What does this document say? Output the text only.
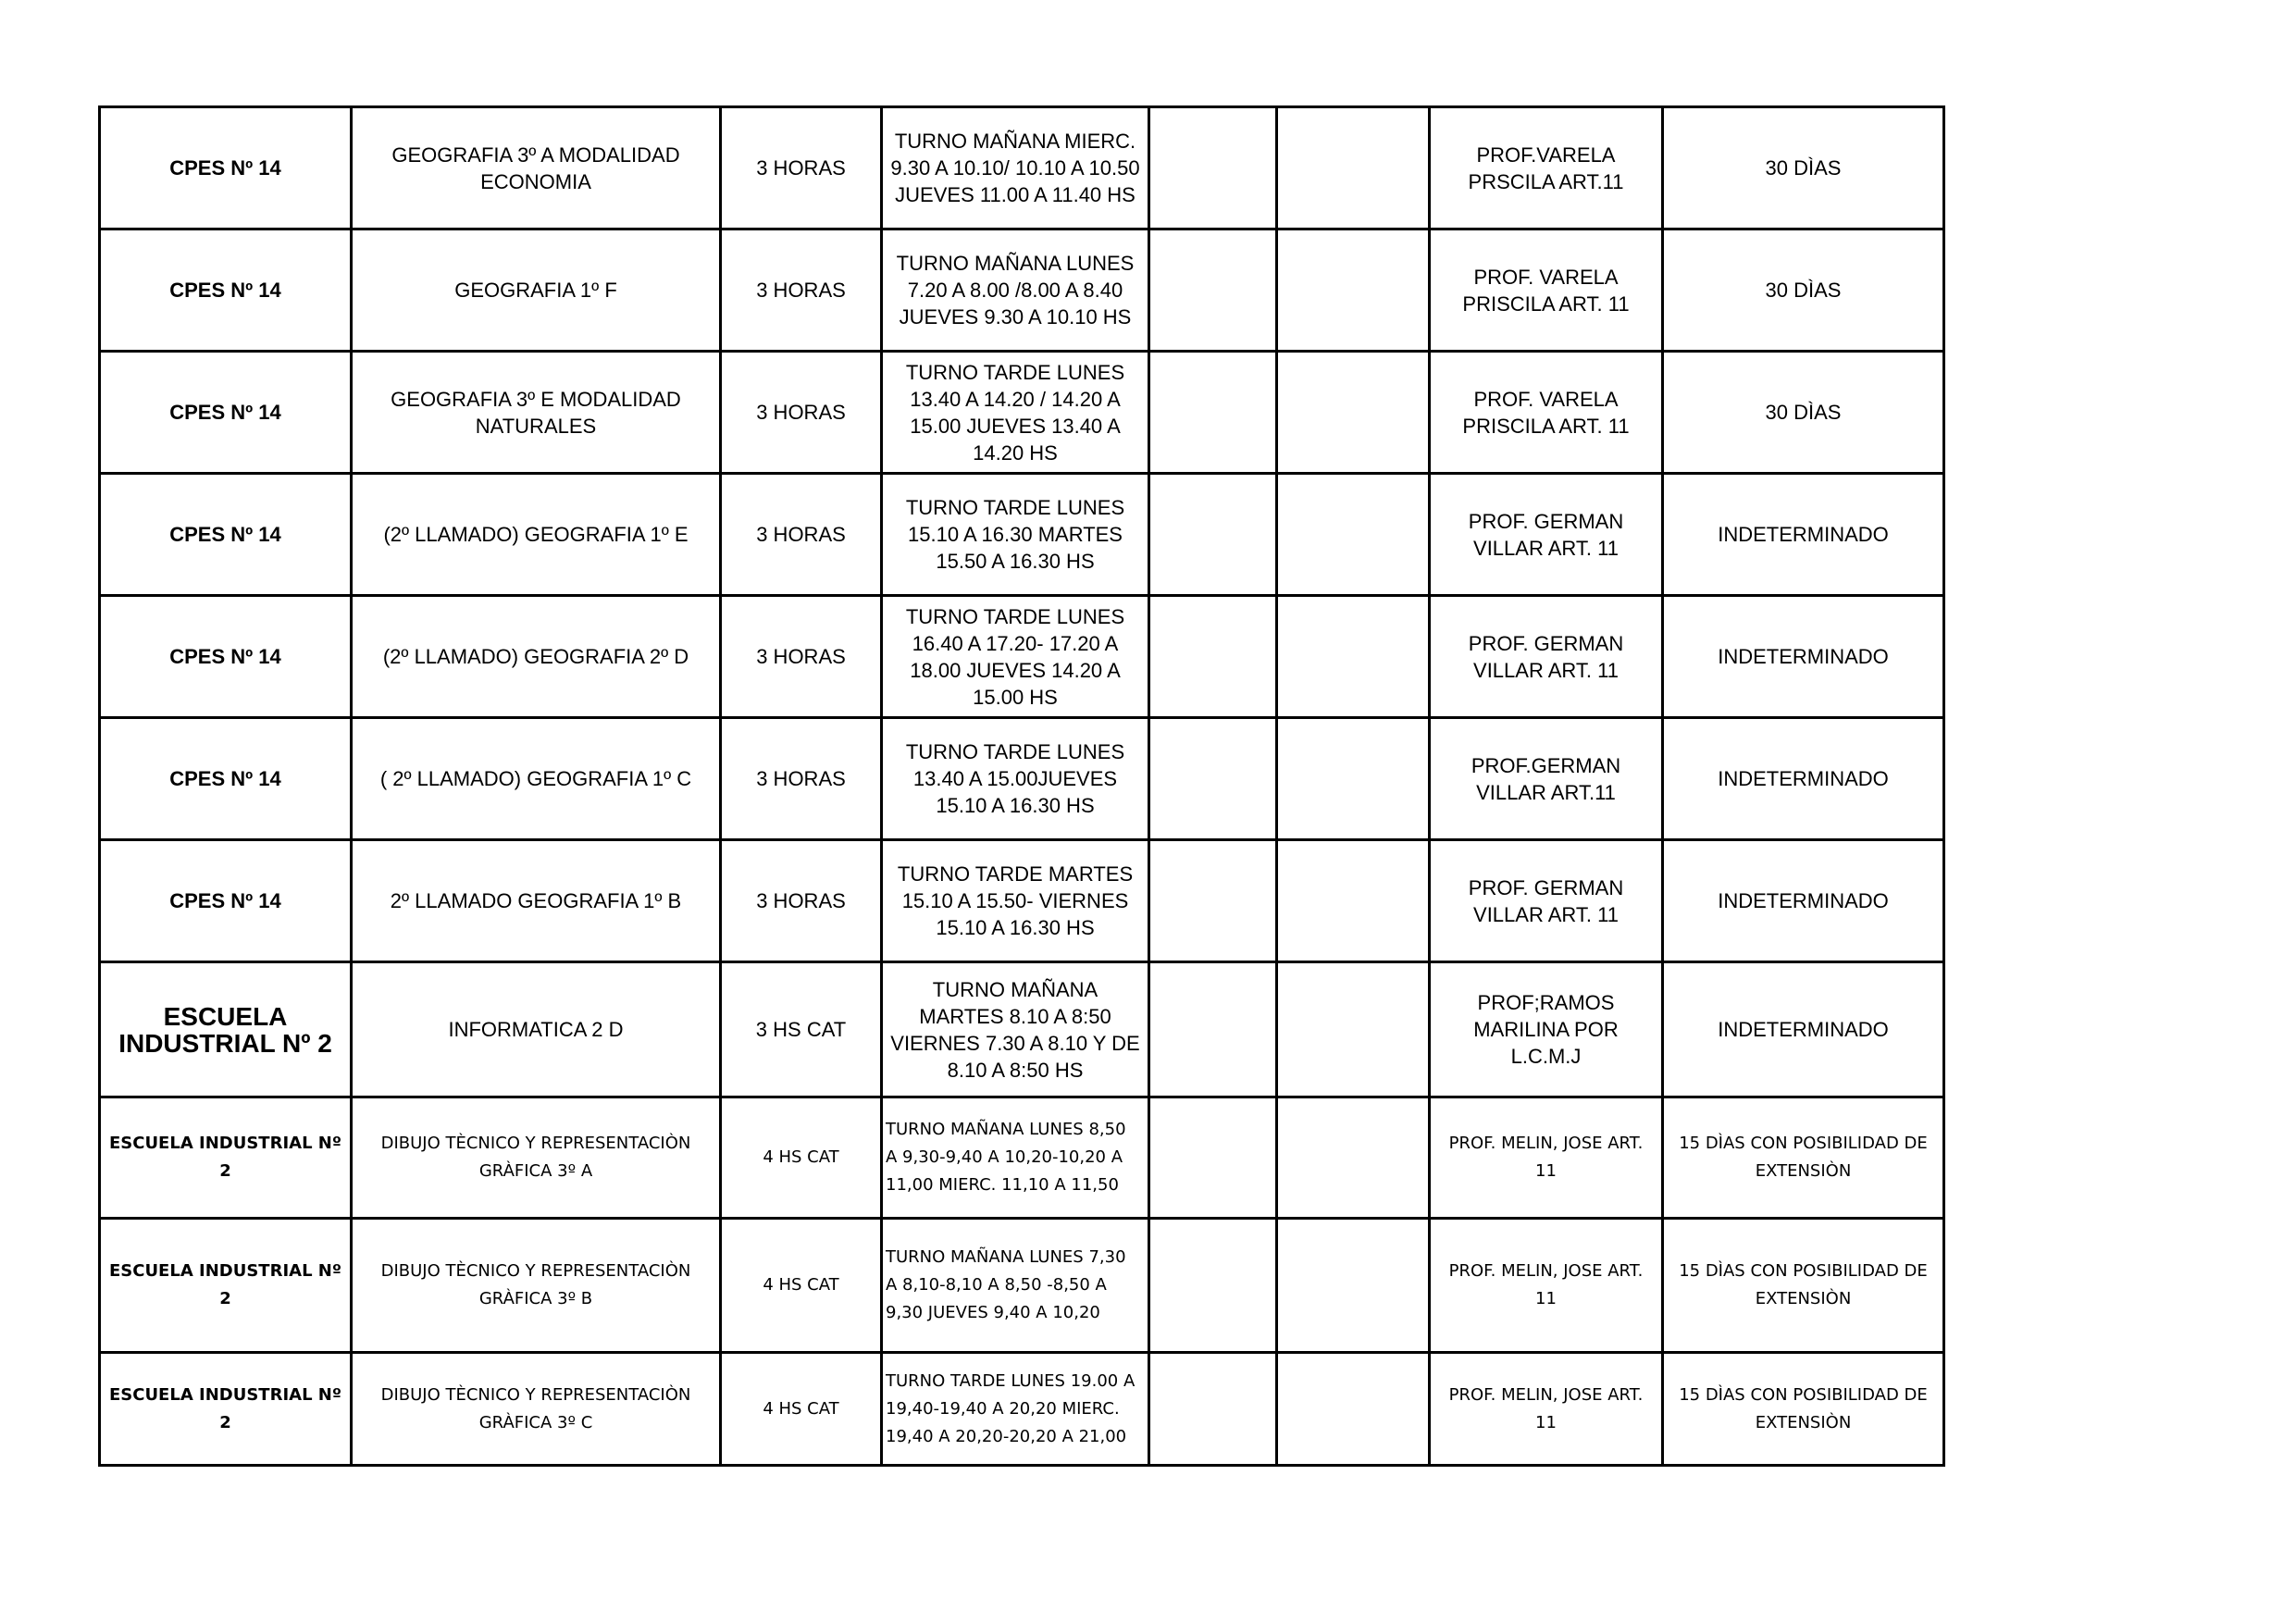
CPES Nº 14	GEOGRAFIA 3º A MODALIDAD ECONOMIA	3 HORAS	TURNO MAÑANA MIERC. 9.30 A 10.10/ 10.10 A 10.50 JUEVES 11.00 A 11.40 HS			PROF.VARELA PRSCILA ART.11	30 DÌAS
CPES Nº 14	GEOGRAFIA 1º F	3 HORAS	TURNO MAÑANA LUNES 7.20 A 8.00 /8.00 A 8.40 JUEVES 9.30 A 10.10 HS			PROF. VARELA PRISCILA ART. 11	30 DÌAS
CPES Nº 14	GEOGRAFIA 3º E MODALIDAD NATURALES	3 HORAS	TURNO TARDE LUNES 13.40 A 14.20 / 14.20 A 15.00 JUEVES 13.40 A 14.20 HS			PROF. VARELA PRISCILA ART. 11	30 DÌAS
CPES Nº 14	(2º LLAMADO) GEOGRAFIA 1º E	3 HORAS	TURNO TARDE LUNES 15.10 A 16.30 MARTES 15.50 A 16.30 HS			PROF. GERMAN VILLAR ART. 11	INDETERMINADO
CPES Nº 14	(2º LLAMADO) GEOGRAFIA 2º D	3 HORAS	TURNO TARDE LUNES 16.40 A 17.20- 17.20 A 18.00 JUEVES 14.20 A 15.00 HS			PROF. GERMAN VILLAR ART. 11	INDETERMINADO
CPES Nº 14	( 2º LLAMADO) GEOGRAFIA 1º C	3 HORAS	TURNO TARDE LUNES 13.40 A 15.00JUEVES 15.10 A 16.30 HS			PROF.GERMAN VILLAR ART.11	INDETERMINADO
CPES Nº 14	2º LLAMADO GEOGRAFIA 1º B	3 HORAS	TURNO TARDE MARTES 15.10 A 15.50- VIERNES 15.10 A 16.30 HS			PROF. GERMAN VILLAR ART. 11	INDETERMINADO
ESCUELA INDUSTRIAL Nº 2	INFORMATICA 2 D	3 HS CAT	TURNO MAÑANA MARTES 8.10 A 8:50 VIERNES 7.30 A 8.10 Y DE 8.10 A 8:50 HS			PROF;RAMOS MARILINA POR L.C.M.J	INDETERMINADO
ESCUELA INDUSTRIAL Nº 2	DIBUJO TÈCNICO Y REPRESENTACIÒN GRÀFICA 3º A	4 HS CAT	TURNO MAÑANA LUNES 8,50 A 9,30-9,40 A 10,20-10,20 A 11,00 MIERC. 11,10 A 11,50			PROF. MELIN, JOSE ART. 11	15 DÌAS CON POSIBILIDAD DE EXTENSIÒN
ESCUELA INDUSTRIAL Nº 2	DIBUJO TÈCNICO Y REPRESENTACIÒN GRÀFICA 3º B	4 HS CAT	TURNO MAÑANA LUNES 7,30 A 8,10-8,10 A 8,50 -8,50 A 9,30 JUEVES 9,40 A 10,20			PROF. MELIN, JOSE ART. 11	15 DÌAS CON POSIBILIDAD DE EXTENSIÒN
ESCUELA INDUSTRIAL Nº 2	DIBUJO TÈCNICO Y REPRESENTACIÒN GRÀFICA 3º C	4 HS CAT	TURNO TARDE LUNES 19.00 A 19,40-19,40 A 20,20 MIERC. 19,40 A 20,20-20,20 A 21,00			PROF. MELIN, JOSE ART. 11	15 DÌAS CON POSIBILIDAD DE EXTENSIÒN
